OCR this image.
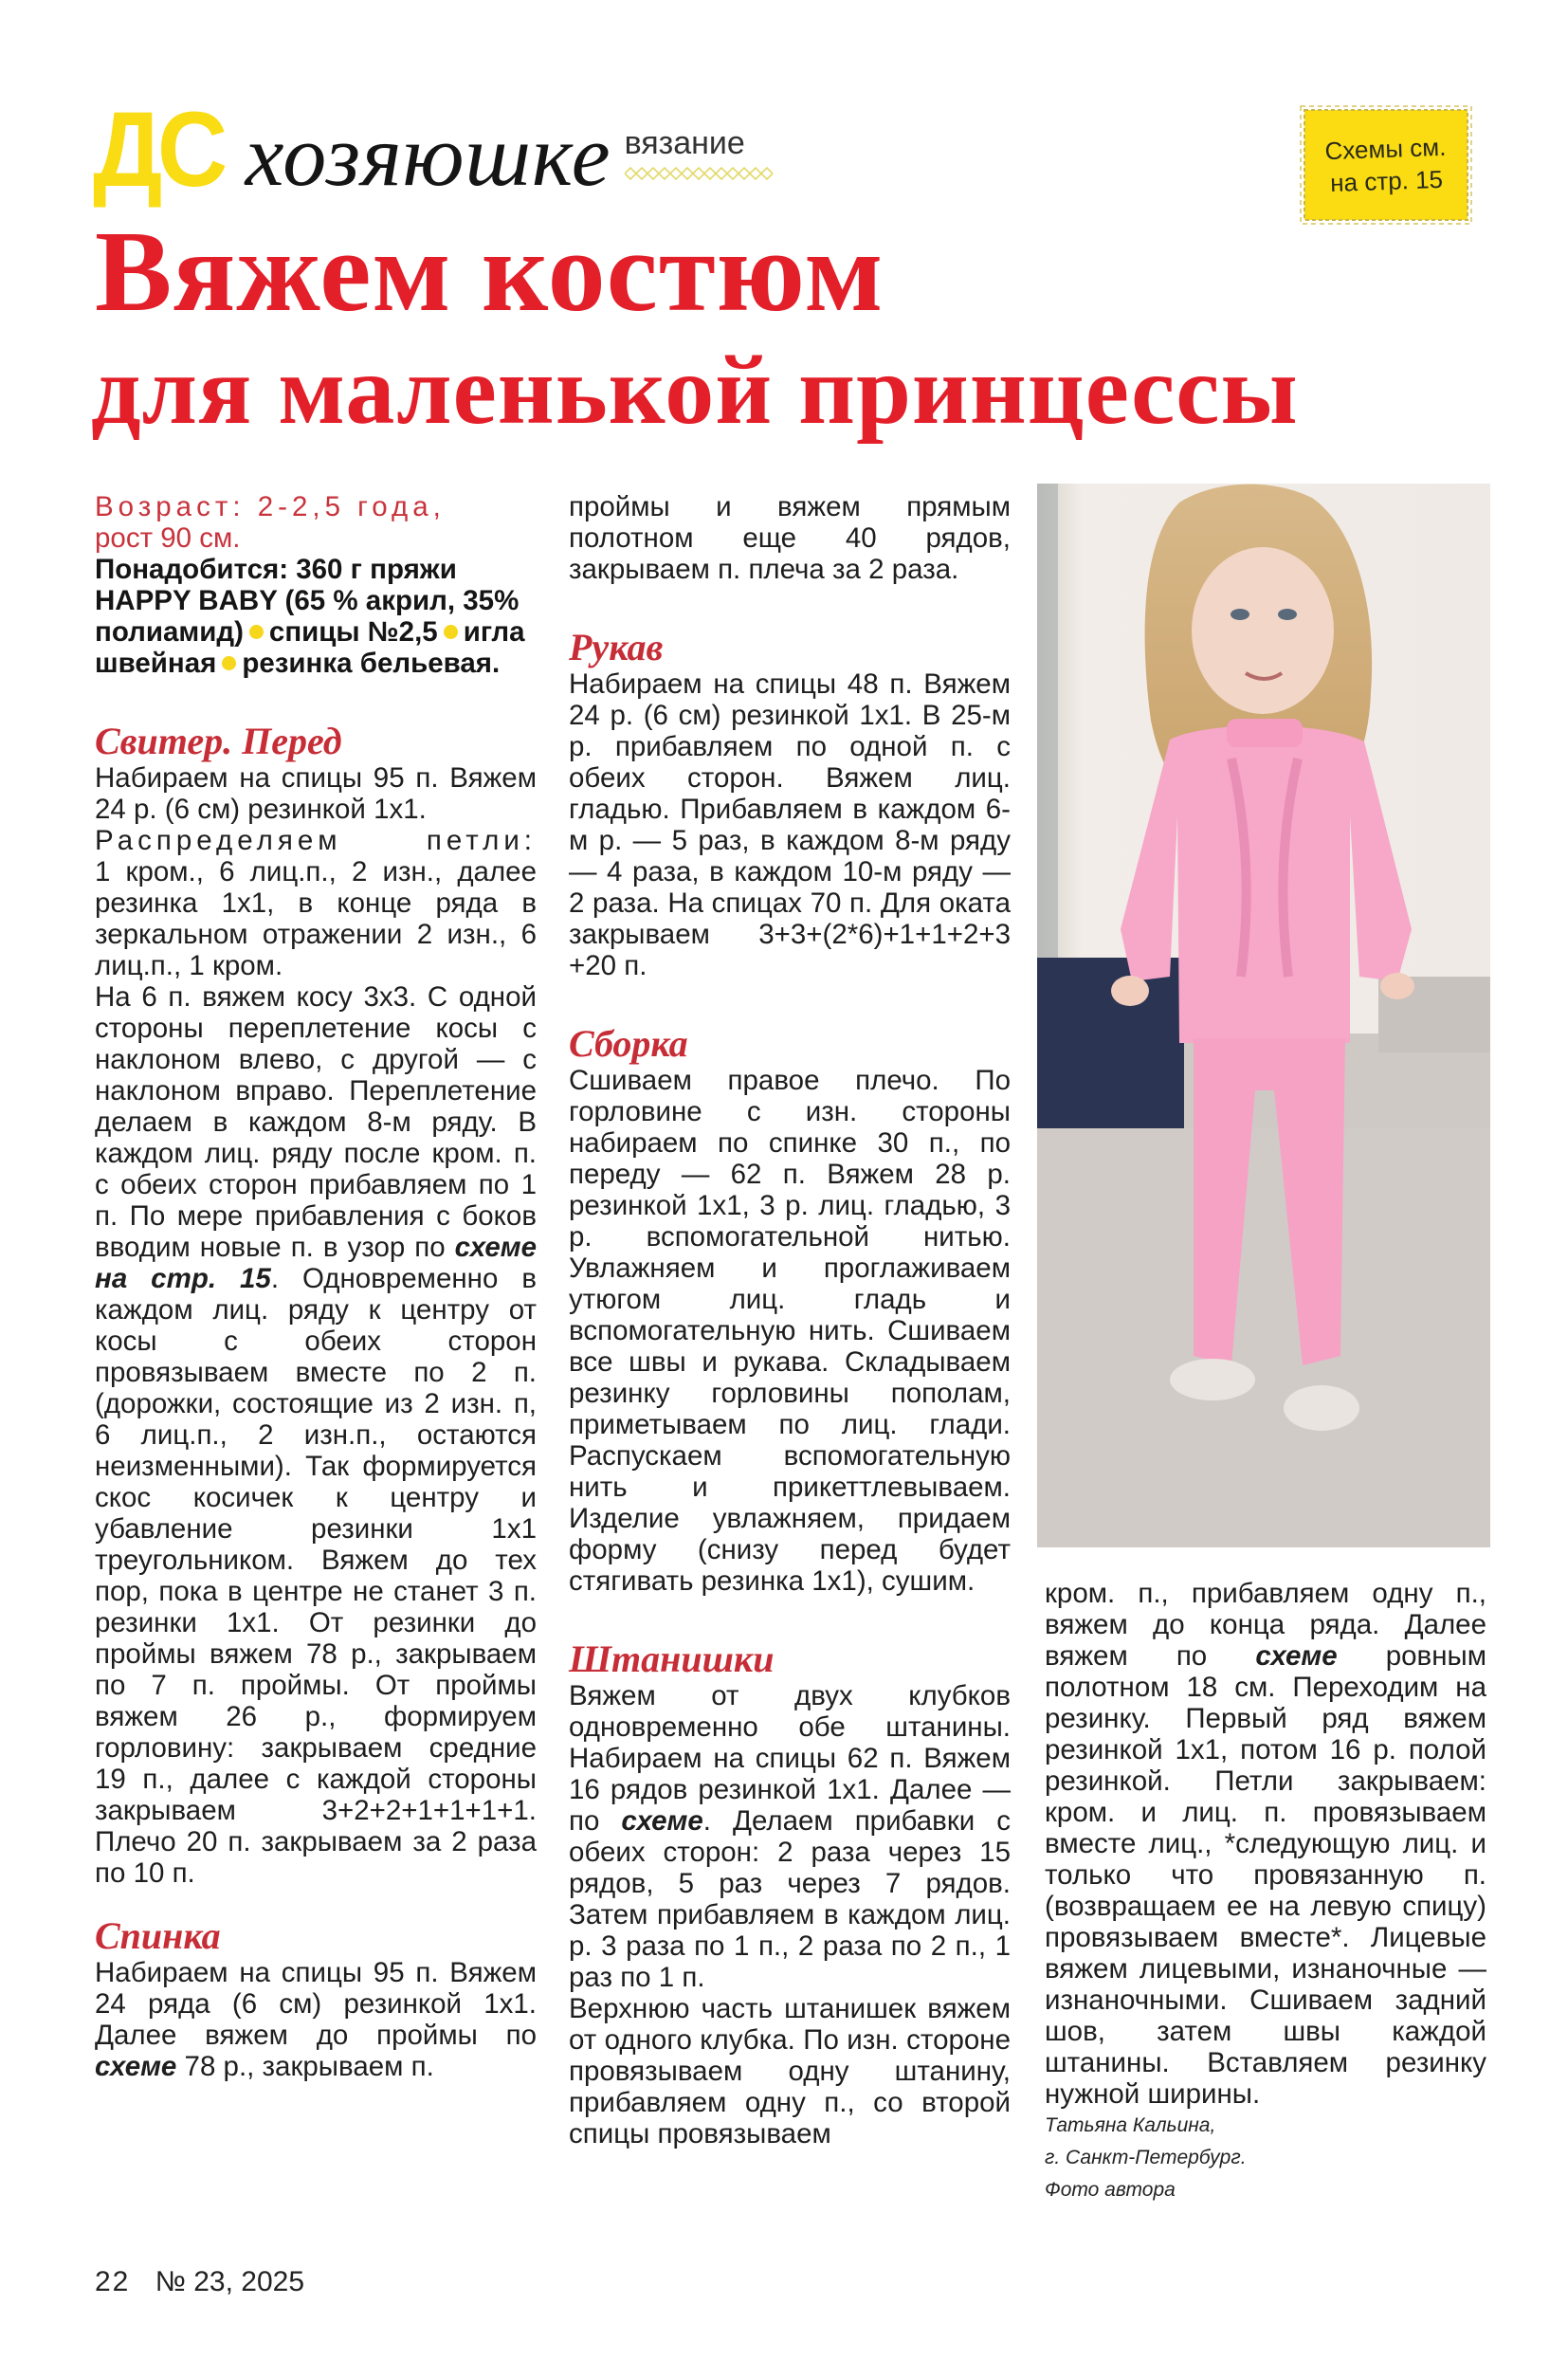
ДС хозяюшке вязание	Схемы см.
на стр. 15
Вяжем костюм
для маленькой принцессы

Возраст: 2-2,5 года,

рост 90 см.

Понадобится: 360 г пряжи HAPPY BABY (65 % акрил, 35% полиамид) спицы №2,5 игла швейная резинка бельевая.

Свитер. Перед

Набираем на спицы 95 п. Вяжем 24 р. (6 см) резинкой 1х1.

Распределяем петли:

1 кром., 6 лиц.п., 2 изн., далее резинка 1х1, в конце ряда в зеркальном отражении 2 изн., 6 лиц.п., 1 кром.

На 6 п. вяжем косу 3х3. С одной стороны переплетение косы с наклоном влево, с другой — с наклоном вправо. Переплетение делаем в каждом 8-м ряду. В каждом лиц. ряду после кром. п. с обеих сторон прибавляем по 1 п. По мере прибавления с боков вводим новые п. в узор по схеме на стр. 15. Одновременно в каждом лиц. ряду к центру от косы с обеих сторон провязываем вместе по 2 п. (дорожки, состоящие из 2 изн. п, 6 лиц.п., 2 изн.п., остаются неизменными). Так формируется скос косичек к центру и убавление резинки 1х1 треугольником. Вяжем до тех пор, пока в центре не станет 3 п. резинки 1х1. От резинки до проймы вяжем 78 р., закрываем по 7 п. проймы. От проймы вяжем 26 р., формируем горловину: закрываем средние 19 п., далее с каждой стороны закрываем 3+2+2+1+1+1+1. Плечо 20 п. закрываем за 2 раза по 10 п.

Спинка

Набираем на спицы 95 п. Вяжем 24 ряда (6 см) резинкой 1х1. Далее вяжем до проймы по схеме 78 р., закрываем п.

проймы и вяжем прямым полотном еще 40 рядов, закрываем п. плеча за 2 раза.

Рукав

Набираем на спицы 48 п. Вяжем 24 р. (6 см) резинкой 1х1. В 25-м р. прибавляем по одной п. с обеих сторон. Вяжем лиц. гладью. Прибавляем в каждом 6-м р. — 5 раз, в каждом 8-м ряду — 4 раза, в каждом 10-м ряду — 2 раза. На спицах 70 п. Для оката закрываем 3+3+(2*6)+1+1+2+3 +20 п.

Сборка

Сшиваем правое плечо. По горловине с изн. стороны набираем по спинке 30 п., по переду — 62 п. Вяжем 28 р. резинкой 1х1, 3 р. лиц. гладью, 3 р. вспомогательной нитью. Увлажняем и проглаживаем утюгом лиц. гладь и вспомогательную нить. Сшиваем все швы и рукава. Складываем резинку горловины пополам, приметываем по лиц. глади. Распускаем вспомогательную нить и прикеттлевываем. Изделие увлажняем, придаем форму (снизу перед будет стягивать резинка 1х1), сушим.

Штанишки

Вяжем от двух клубков одновременно обе штанины. Набираем на спицы 62 п. Вяжем 16 рядов резинкой 1х1. Далее — по схеме. Делаем прибавки с обеих сторон: 2 раза через 15 рядов, 5 раз через 7 рядов. Затем прибавляем в каждом лиц. р. 3 раза по 1 п., 2 раза по 2 п., 1 раз по 1 п.

Верхнюю часть штанишек вяжем от одного клубка. По изн. стороне провязываем одну штанину, прибавляем одну п., со второй спицы провязываем

кром. п., прибавляем одну п., вяжем до конца ряда. Далее вяжем по схеме ровным полотном 18 см. Переходим на резинку. Первый ряд вяжем резинкой 1х1, потом 16 р. полой резинкой. Петли закрываем: кром. и лиц. п. провязываем вместе лиц., *следующую лиц. и только что провязанную п. (возвращаем ее на левую спицу) провязываем вместе*. Лицевые вяжем лицевыми, изнаночные — изнаночными. Сшиваем задний шов, затем швы каждой штанины. Вставляем резинку нужной ширины.

Татьяна Кальина,

г. Санкт-Петербург.

Фото автора

22 № 23, 2025
